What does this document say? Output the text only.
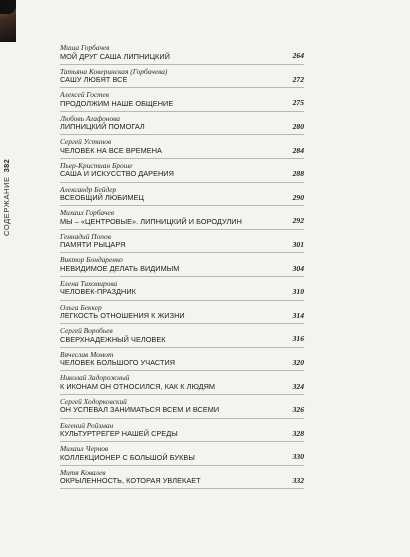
СОДЕРЖАНИЕ382
Миша Горбачев
МОЙ ДРУГ САША ЛИПНИЦКИЙ	264
Татьяна Коверинская (Горбачева)
САШУ ЛЮБЯТ ВСЕ	272
Алексей Гостев
ПРОДОЛЖИМ НАШЕ ОБЩЕНИЕ	275
Любовь Агафонова
ЛИПНИЦКИЙ ПОМОГАЛ	280
Сергей Устинов
ЧЕЛОВЕК НА ВСЕ ВРЕМЕНА	284
Пьер-Кристиан Броше
САША И ИСКУССТВО ДАРЕНИЯ	288
Александр Бейдер
ВСЕОБЩИЙ ЛЮБИМЕЦ	290
Михаил Горбачев
МЫ – «ЦЕНТРОВЫЕ». ЛИПНИЦКИЙ И БОРОДУЛИН	292
Геннадий Попов
ПАМЯТИ РЫЦАРЯ	301
Виктор Бондаренко
НЕВИДИМОЕ ДЕЛАТЬ ВИДИМЫМ	304
Елена Тихомирова
ЧЕЛОВЕК-ПРАЗДНИК	310
Ольга Беккер
ЛЕГКОСТЬ ОТНОШЕНИЯ К ЖИЗНИ	314
Сергей Воробьев
СВЕРХНАДЕЖНЫЙ ЧЕЛОВЕК	316
Вячеслав Момот
ЧЕЛОВЕК БОЛЬШОГО УЧАСТИЯ	320
Николай Задорожный
К ИКОНАМ ОН ОТНОСИЛСЯ, КАК К ЛЮДЯМ	324
Сергей Ходорковский
ОН УСПЕВАЛ ЗАНИМАТЬСЯ ВСЕМ И ВСЕМИ	326
Евгений Ройзман
КУЛЬТУРТРЕГЕР НАШЕЙ СРЕДЫ	328
Михаил Чернов
КОЛЛЕКЦИОНЕР С БОЛЬШОЙ БУКВЫ	330
Митя Ковалев
ОКРЫЛЕННОСТЬ, КОТОРАЯ УВЛЕКАЕТ	332
